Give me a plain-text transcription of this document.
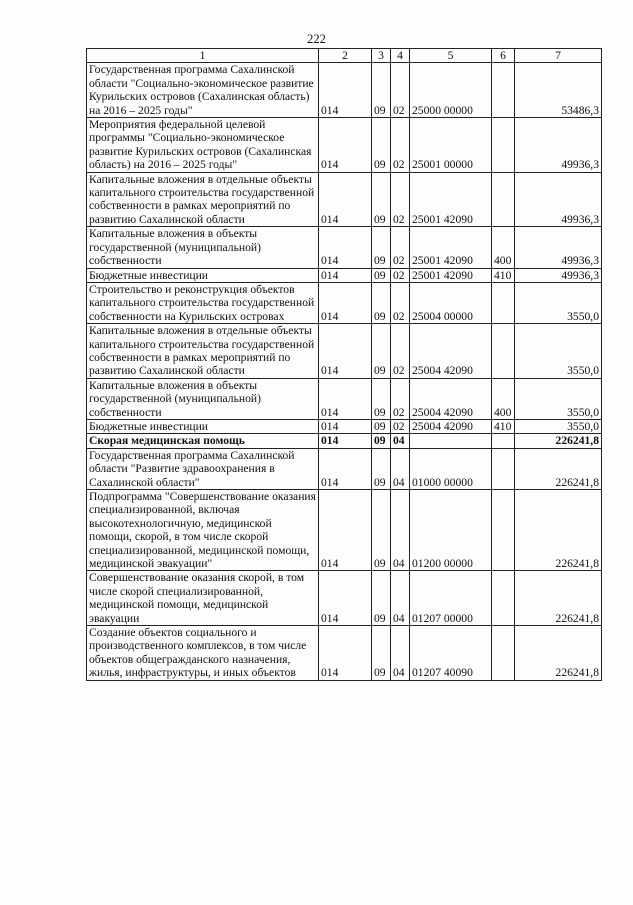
222
1	2	3	4	5	6	7
Государственная программа Сахалинской области "Социально-экономическое развитие Курильских островов (Сахалинская область) на 2016 – 2025 годы"	014	09	02	25000 00000		53486,3
Мероприятия федеральной целевой программы "Социально-экономическое развитие Курильских островов (Сахалинская область) на 2016 – 2025 годы"	014	09	02	25001 00000		49936,3
Капитальные вложения в отдельные объекты капитального строительства государственной собственности в рамках мероприятий по развитию Сахалинской области	014	09	02	25001 42090		49936,3
Капитальные вложения в объекты государственной (муниципальной) собственности	014	09	02	25001 42090	400	49936,3
Бюджетные инвестиции	014	09	02	25001 42090	410	49936,3
Строительство и реконструкция объектов капитального строительства государственной собственности на Курильских островах	014	09	02	25004 00000		3550,0
Капитальные вложения в отдельные объекты капитального строительства государственной собственности в рамках мероприятий по развитию Сахалинской области	014	09	02	25004 42090		3550,0
Капитальные вложения в объекты государственной (муниципальной) собственности	014	09	02	25004 42090	400	3550,0
Бюджетные инвестиции	014	09	02	25004 42090	410	3550,0
Скорая медицинская помощь	014	09	04			226241,8
Государственная программа Сахалинской области "Развитие здравоохранения в Сахалинской области"	014	09	04	01000 00000		226241,8
Подпрограмма "Совершенствование оказания специализированной, включая высокотехнологичную, медицинской помощи, скорой, в том числе скорой специализированной, медицинской помощи, медицинской эвакуации"	014	09	04	01200 00000		226241,8
Совершенствование оказания скорой, в том числе скорой специализированной, медицинской помощи, медицинской эвакуации	014	09	04	01207 00000		226241,8
Создание объектов социального и производственного комплексов, в том числе объектов общегражданского назначения, жилья, инфраструктуры, и иных объектов	014	09	04	01207 40090		226241,8
